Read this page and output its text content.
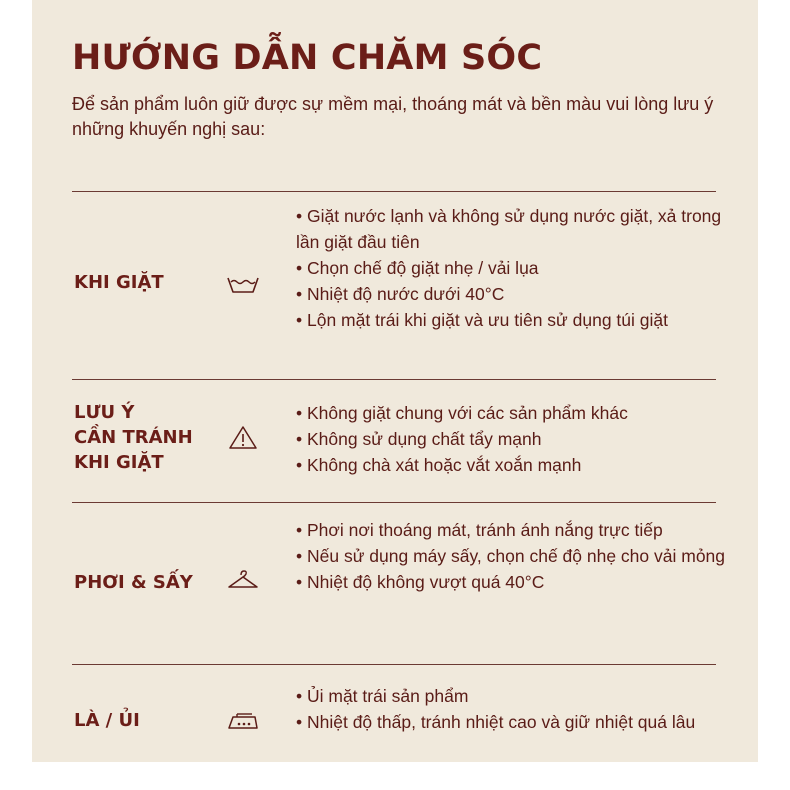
HƯỚNG DẪN CHĂM SÓC

Để sản phẩm luôn giữ được sự mềm mại, thoáng mát và bền màu vui lòng lưu ý những khuyến nghị sau:

KHI GIẶT
• Giặt nước lạnh và không sử dụng nước giặt, xả trong lần giặt đầu tiên
• Chọn chế độ giặt nhẹ / vải lụa
• Nhiệt độ nước dưới 40°C
• Lộn mặt trái khi giặt và ưu tiên sử dụng túi giặt
LƯU Ý
CẦN TRÁNH
KHI GIẶT
• Không giặt chung với các sản phẩm khác
• Không sử dụng chất tẩy mạnh
• Không chà xát hoặc vắt xoắn mạnh
PHƠI & SẤY
• Phơi nơi thoáng mát, tránh ánh nắng trực tiếp
• Nếu sử dụng máy sấy, chọn chế độ nhẹ cho vải mỏng
• Nhiệt độ không vượt quá 40°C
LÀ / ỦI
• Ủi mặt trái sản phẩm
• Nhiệt độ thấp, tránh nhiệt cao và giữ nhiệt quá lâu
